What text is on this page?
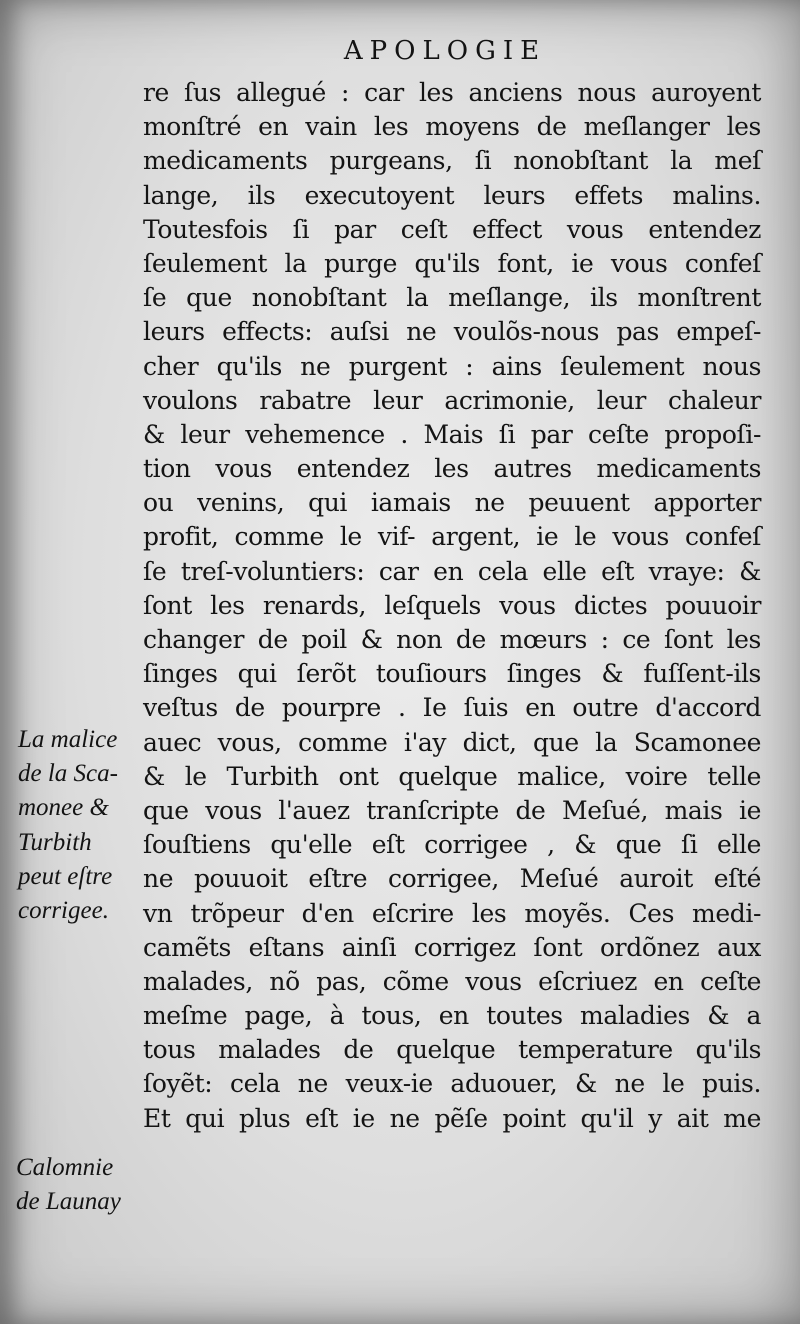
APOLOGIE
re ſus allegué : car les anciens nous auroyent
monſtré en vain les moyens de meſlanger les
medicaments purgeans, ſi nonobſtant la meſ
lange, ils executoyent leurs effets malins.
Toutesfois ſi par ceſt effect vous entendez
ſeulement la purge qu'ils font, ie vous confeſ
ſe que nonobſtant la meſlange, ils monſtrent
leurs effects: auſsi ne voulõs-nous pas empeſ-
cher qu'ils ne purgent : ains ſeulement nous
voulons rabatre leur acrimonie, leur chaleur
& leur vehemence . Mais ſi par ceſte propoſi-
tion vous entendez les autres medicaments
ou venins, qui iamais ne peuuent apporter
profit, comme le vif- argent, ie le vous confeſ
ſe treſ-voluntiers: car en cela elle eſt vraye: &
ſont les renards, leſquels vous dictes pouuoir
changer de poil & non de mœurs : ce ſont les
ſinges qui ſerõt touſiours ſinges & fuſſent-ils
veſtus de pourpre . Ie ſuis en outre d'accord
auec vous, comme i'ay dict, que la Scamonee
& le Turbith ont quelque malice, voire telle
que vous l'auez tranſcripte de Meſué, mais ie
ſouſtiens qu'elle eſt corrigee , & que ſi elle
ne pouuoit eſtre corrigee, Meſué auroit eſté
vn trõpeur d'en eſcrire les moyẽs. Ces medi-
camẽts eſtans ainſi corrigez ſont ordõnez aux
malades, nõ pas, cõme vous eſcriuez en ceſte
meſme page, à tous, en toutes maladies & a
tous malades de quelque temperature qu'ils
ſoyẽt: cela ne veux-ie aduouer, & ne le puis.
Et qui plus eſt ie ne pẽſe point qu'il y ait me
La malice
de la Sca-
monee &
Turbith
peut eſtre
corrigee.
Calomnie
de Launay
